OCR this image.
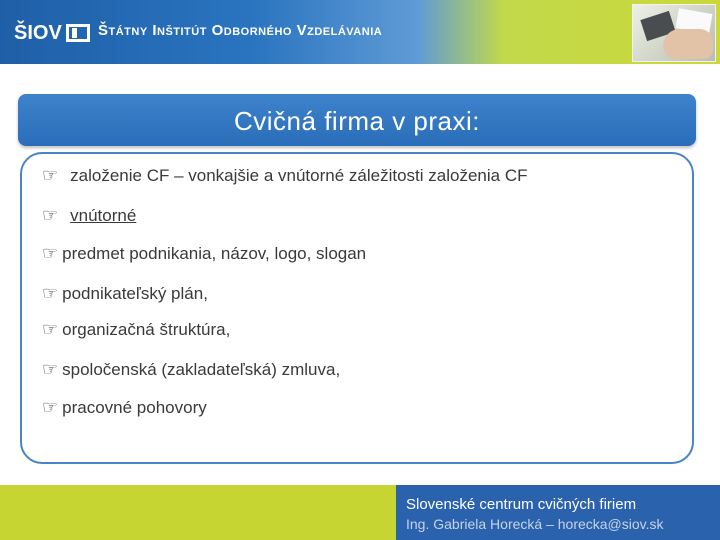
ŠIOV Štátny Inštitút Odborného Vzdelávania
Cvičná firma v praxi:
☞ založenie CF – vonkajšie a vnútorné záležitosti založenia CF
☞ vnútorné
☞ predmet podnikania, názov, logo, slogan
☞ podnikateľský plán,
☞ organizačná štruktúra,
☞ spoločenská (zakladateľská) zmluva,
☞ pracovné pohovory
Slovenské centrum cvičných firiem
Ing. Gabriela Horecká – horecka@siov.sk
